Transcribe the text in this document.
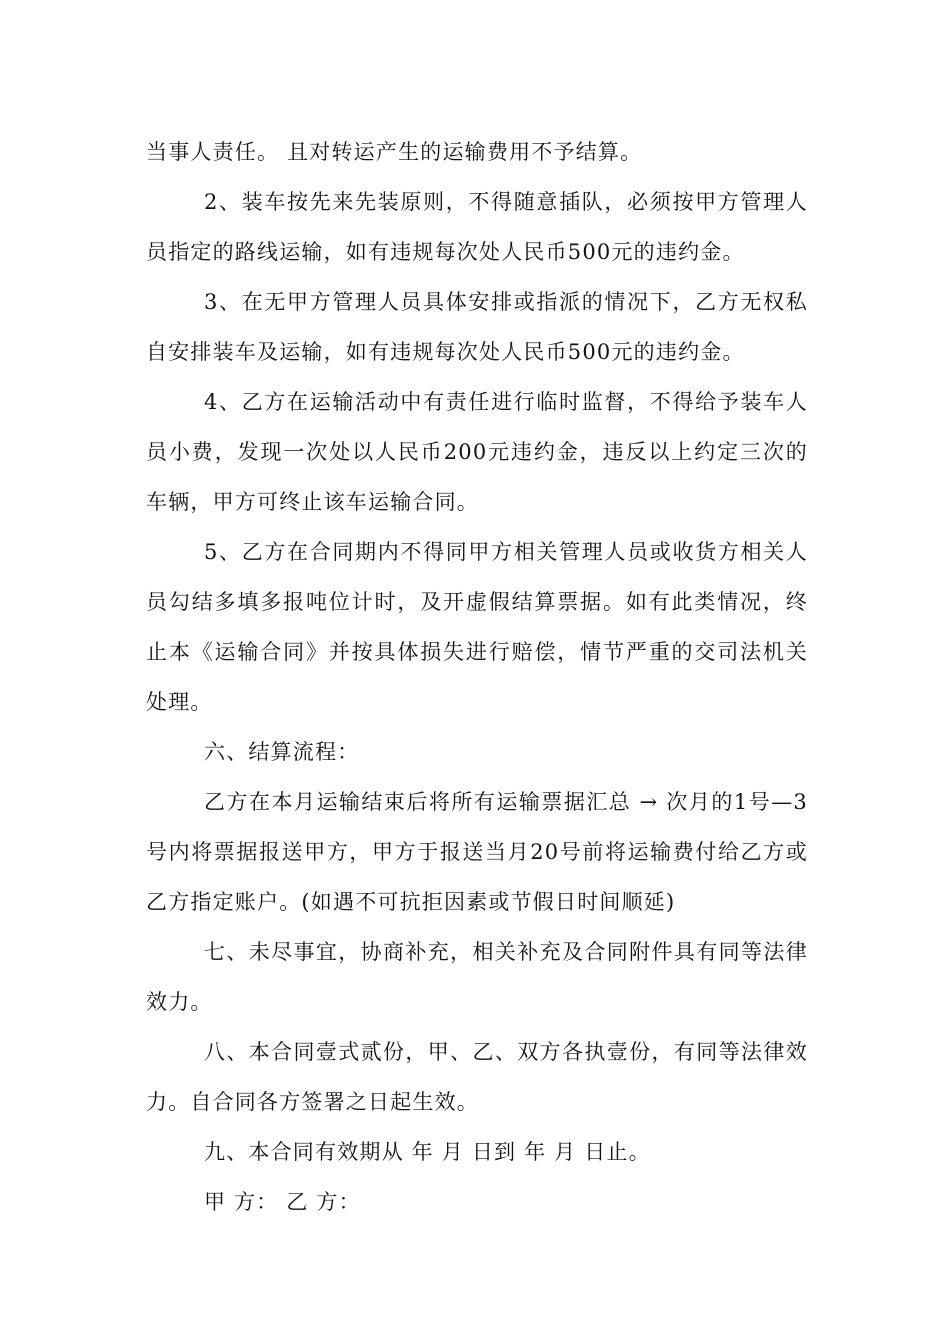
当事人责任。 且对转运产生的运输费用不予结算。

2、装车按先来先装原则，不得随意插队，必须按甲方管理人员指定的路线运输，如有违规每次处人民币500元的违约金。

3、在无甲方管理人员具体安排或指派的情况下，乙方无权私自安排装车及运输，如有违规每次处人民币500元的违约金。

4、乙方在运输活动中有责任进行临时监督，不得给予装车人员小费，发现一次处以人民币200元违约金，违反以上约定三次的车辆，甲方可终止该车运输合同。

5、乙方在合同期内不得同甲方相关管理人员或收货方相关人员勾结多填多报吨位计时，及开虚假结算票据。如有此类情况，终止本《运输合同》并按具体损失进行赔偿，情节严重的交司法机关处理。

六、结算流程：

乙方在本月运输结束后将所有运输票据汇总 → 次月的1号—3号内将票据报送甲方，甲方于报送当月20号前将运输费付给乙方或乙方指定账户。(如遇不可抗拒因素或节假日时间顺延)

七、未尽事宜，协商补充，相关补充及合同附件具有同等法律效力。

八、本合同壹式贰份，甲、乙、双方各执壹份，有同等法律效力。自合同各方签署之日起生效。

九、本合同有效期从 年 月 日到 年 月 日止。

甲 方： 乙 方：
